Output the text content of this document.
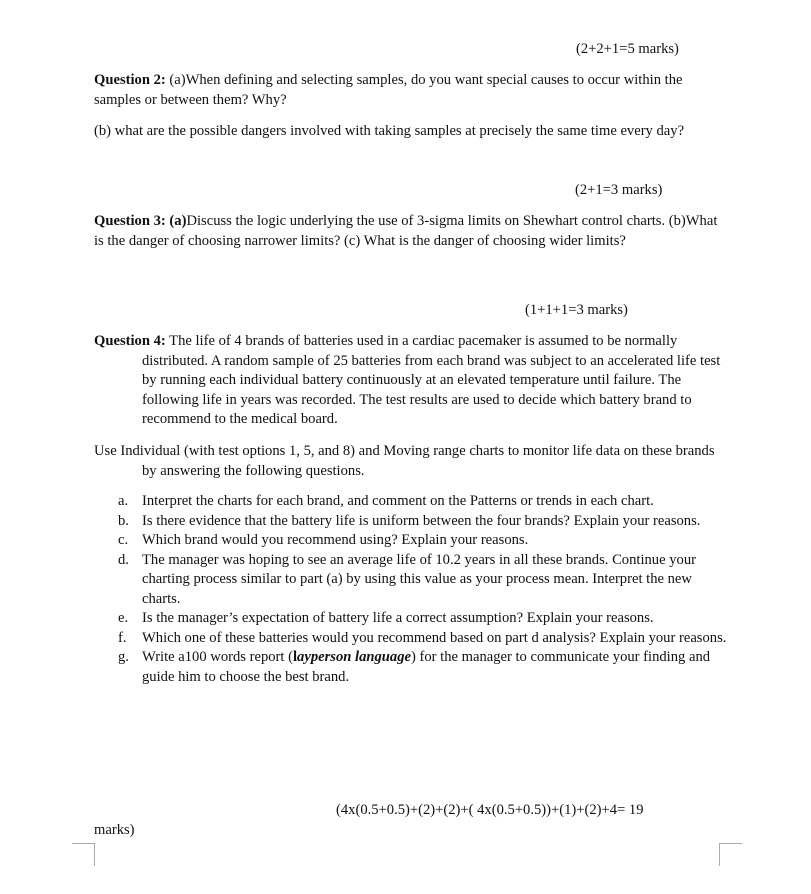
(2+2+1=5 marks)

Question 2: (a)When defining and selecting samples, do you want special causes to occur within the samples or between them? Why?

(b) what are the possible dangers involved with taking samples at precisely the same time every day?

(2+1=3 marks)

Question 3: (a)Discuss the logic underlying the use of 3-sigma limits on Shewhart control charts. (b)What is the danger of choosing narrower limits? (c) What is the danger of choosing wider limits?

(1+1+1=3 marks)

Question 4: The life of 4 brands of batteries used in a cardiac pacemaker is assumed to be normally distributed. A random sample of 25 batteries from each brand was subject to an accelerated life test by running each individual battery continuously at an elevated temperature until failure. The following life in years was recorded. The test results are used to decide which battery brand to recommend to the medical board.

Use Individual (with test options 1, 5, and 8) and Moving range charts to monitor life data on these brands by answering the following questions.

a. Interpret the charts for each brand, and comment on the Patterns or trends in each chart.
b. Is there evidence that the battery life is uniform between the four brands? Explain your reasons.
c. Which brand would you recommend using? Explain your reasons.
d. The manager was hoping to see an average life of 10.2 years in all these brands. Continue your charting process similar to part (a) by using this value as your process mean. Interpret the new charts.
e. Is the manager’s expectation of battery life a correct assumption? Explain your reasons.
f. Which one of these batteries would you recommend based on part d analysis? Explain your reasons.
g. Write a100 words report (layperson language) for the manager to communicate your finding and guide him to choose the best brand.
(4x(0.5+0.5)+(2)+(2)+( 4x(0.5+0.5))+(1)+(2)+4= 19
marks)
